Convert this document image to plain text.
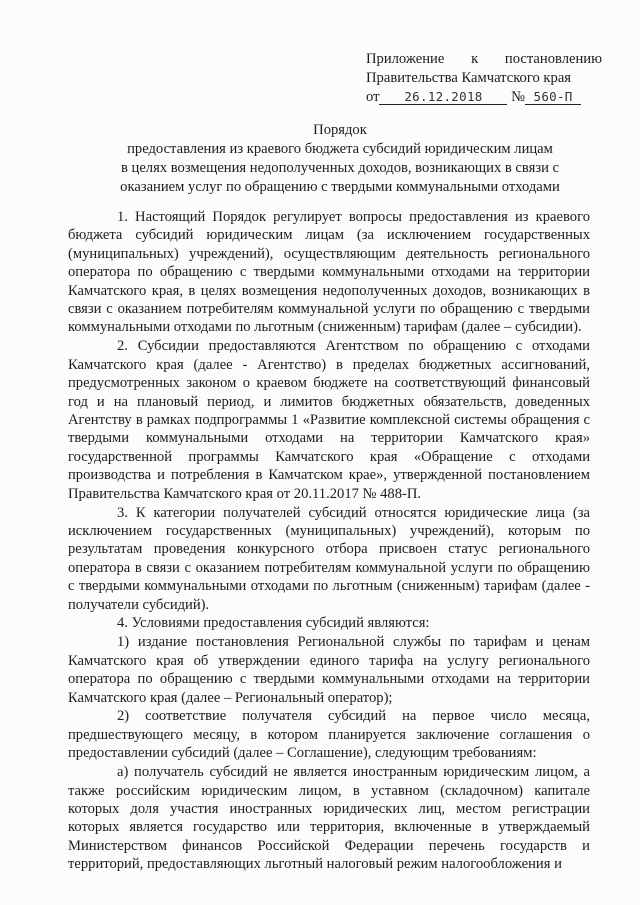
Приложение к постановлению
Правительства Камчатского края
от 26.12.2018 № 560-П
Порядок
предоставления из краевого бюджета субсидий юридическим лицам
в целях возмещения недополученных доходов, возникающих в связи с
оказанием услуг по обращению с твердыми коммунальными отходами

1. Настоящий Порядок регулирует вопросы предоставления из краевого бюджета субсидий юридическим лицам (за исключением государственных (муниципальных) учреждений), осуществляющим деятельность регионального оператора по обращению с твердыми коммунальными отходами на территории Камчатского края, в целях возмещения недополученных доходов, возникающих в связи с оказанием потребителям коммунальной услуги по обращению с твердыми коммунальными отходами по льготным (сниженным) тарифам (далее – субсидии).

2. Субсидии предоставляются Агентством по обращению с отходами Камчатского края (далее - Агентство) в пределах бюджетных ассигнований, предусмотренных законом о краевом бюджете на соответствующий финансовый год и на плановый период, и лимитов бюджетных обязательств, доведенных Агентству в рамках подпрограммы 1 «Развитие комплексной системы обращения с твердыми коммунальными отходами на территории Камчатского края» государственной программы Камчатского края «Обращение с отходами производства и потребления в Камчатском крае», утвержденной постановлением Правительства Камчатского края от 20.11.2017 № 488-П.

3. К категории получателей субсидий относятся юридические лица (за исключением государственных (муниципальных) учреждений), которым по результатам проведения конкурсного отбора присвоен статус регионального оператора в связи с оказанием потребителям коммунальной услуги по обращению с твердыми коммунальными отходами по льготным (сниженным) тарифам (далее - получатели субсидий).

4. Условиями предоставления субсидий являются:

1) издание постановления Региональной службы по тарифам и ценам Камчатского края об утверждении единого тарифа на услугу регионального оператора по обращению с твердыми коммунальными отходами на территории Камчатского края (далее – Региональный оператор);

2) соответствие получателя субсидий на первое число месяца, предшествующего месяцу, в котором планируется заключение соглашения о предоставлении субсидий (далее – Соглашение), следующим требованиям:

а) получатель субсидий не является иностранным юридическим лицом, а также российским юридическим лицом, в уставном (складочном) капитале которых доля участия иностранных юридических лиц, местом регистрации которых является государство или территория, включенные в утверждаемый Министерством финансов Российской Федерации перечень государств и территорий, предоставляющих льготный налоговый режим налогообложения и
